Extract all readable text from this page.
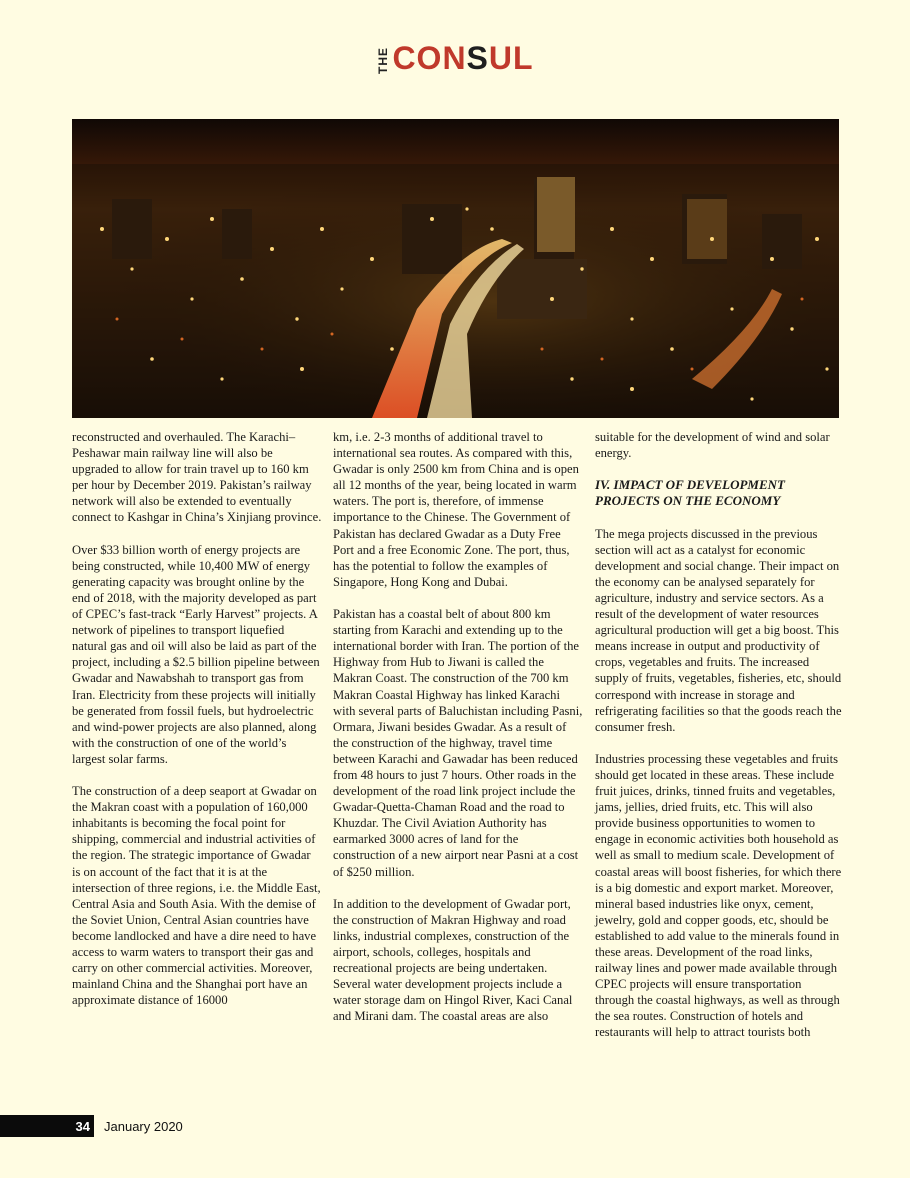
THE CONSUL

reconstructed and overhauled. The Karachi–Peshawar main railway line will also be upgraded to allow for train travel up to 160 km per hour by December 2019. Pakistan’s railway network will also be extended to eventually connect to Kashgar in China’s Xinjiang province.

Over $33 billion worth of energy projects are being constructed, while 10,400 MW of energy generating capacity was brought online by the end of 2018, with the majority developed as part of CPEC’s fast-track “Early Harvest” projects. A network of pipelines to transport liquefied natural gas and oil will also be laid as part of the project, including a $2.5 billion pipeline between Gwadar and Nawabshah to transport gas from Iran. Electricity from these projects will initially be generated from fossil fuels, but hydroelectric and wind-power projects are also planned, along with the construction of one of the world’s largest solar farms.

The construction of a deep seaport at Gwadar on the Makran coast with a population of 160,000 inhabitants is becoming the focal point for shipping, commercial and industrial activities of the region. The strategic importance of Gwadar is on account of the fact that it is at the intersection of three regions, i.e. the Middle East, Central Asia and South Asia. With the demise of the Soviet Union, Central Asian countries have become landlocked and have a dire need to have access to warm waters to transport their gas and carry on other commercial activities. Moreover, mainland China and the Shanghai port have an approximate distance of 16000

km, i.e. 2-3 months of additional travel to international sea routes. As compared with this, Gwadar is only 2500 km from China and is open all 12 months of the year, being located in warm waters. The port is, therefore, of immense importance to the Chinese. The Government of Pakistan has declared Gwadar as a Duty Free Port and a free Economic Zone. The port, thus, has the potential to follow the examples of Singapore, Hong Kong and Dubai.

Pakistan has a coastal belt of about 800 km starting from Karachi and extending up to the international border with Iran. The portion of the Highway from Hub to Jiwani is called the Makran Coast. The construction of the 700 km Makran Coastal Highway has linked Karachi with several parts of Baluchistan including Pasni, Ormara, Jiwani besides Gwadar. As a result of the construction of the highway, travel time between Karachi and Gawadar has been reduced from 48 hours to just 7 hours. Other roads in the development of the road link project include the Gwadar-Quetta-Chaman Road and the road to Khuzdar. The Civil Aviation Authority has earmarked 3000 acres of land for the construction of a new airport near Pasni at a cost of $250 million.

In addition to the development of Gwadar port, the construction of Makran Highway and road links, industrial complexes, construction of the airport, schools, colleges, hospitals and recreational projects are being undertaken. Several water development projects include a water storage dam on Hingol River, Kaci Canal and Mirani dam. The coastal areas are also

suitable for the development of wind and solar energy.

IV. IMPACT OF DEVELOPMENT PROJECTS ON THE ECONOMY

The mega projects discussed in the previous section will act as a catalyst for economic development and social change. Their impact on the economy can be analysed separately for agriculture, industry and service sectors. As a result of the development of water resources agricultural production will get a big boost. This means increase in output and productivity of crops, vegetables and fruits. The increased supply of fruits, vegetables, fisheries, etc, should correspond with increase in storage and refrigerating facilities so that the goods reach the consumer fresh.

Industries processing these vegetables and fruits should get located in these areas. These include fruit juices, drinks, tinned fruits and vegetables, jams, jellies, dried fruits, etc. This will also provide business opportunities to women to engage in economic activities both household as well as small to medium scale. Development of coastal areas will boost fisheries, for which there is a big domestic and export market. Moreover, mineral based industries like onyx, cement, jewelry, gold and copper goods, etc, should be established to add value to the minerals found in these areas. Development of the road links, railway lines and power made available through CPEC projects will ensure transportation through the coastal highways, as well as through the sea routes. Construction of hotels and restaurants will help to attract tourists both

34	January 2020
